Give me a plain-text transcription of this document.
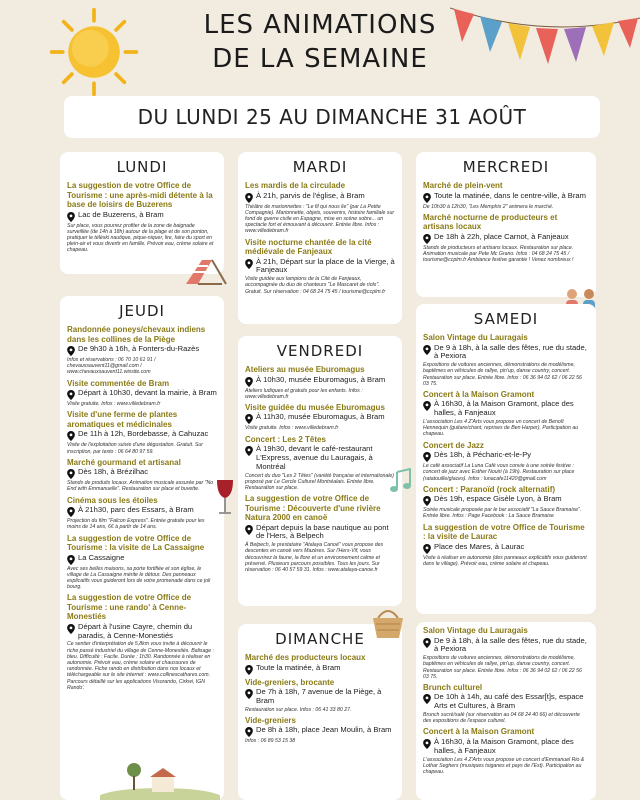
LES ANIMATIONS
DE LA SEMAINE
DU LUNDI 25 AU DIMANCHE 31 AOÛT
LUNDI
La suggestion de votre Office de Tourisme : une après-midi détente à la base de loisirs de Buzerens
Lac de Buzerens, à Bram
Sur place, vous pourrez profiter de la zone de baignade surveillée (de 14h à 18h) autour de la plage et de son ponton, pratiquer le téléski nautique, pique-niquer, lire, faire du sport en plein-air et vous divertir en famille. Prévoir eau, crème solaire et chapeau.
JEUDI
Randonnée poneys/chevaux indiens dans les collines de la Piège
De 9h30 à 16h, à Fonters-du-Razès
Infos et réservations : 06 70 10 61 91 / chevauxsauvent11@gmail.com / www.chevauxsauvent11.wixsite.com
Visite commentée de Bram
Départ à 10h30, devant la mairie, à Bram
Visite gratuite. Infos : www.villedebram.fr
Visite d'une ferme de plantes aromatiques et médicinales
De 11h à 12h, Bordebasse, à Cahuzac
Visite de l'exploitation suivie d'une dégustation. Gratuit. Sur inscription, par texto : 06 64 80 97 59.
Marché gourmand et artisanal
Dès 18h, à Brézilhac
Stands de produits locaux. Animation musicale assurée par "No End with Emmanuelle". Restauration sur place et buvette.
Cinéma sous les étoiles
À 21h30, parc des Essars, à Bram
Projection du film "Falcon Express". Entrée gratuite pour les moins de 14 ans, 6€ à partir de 14 ans.
La suggestion de votre Office de Tourisme : la visite de La Cassaigne
La Cassaigne
Avec ses belles maisons, sa porte fortifiée et son église, le village de La Cassaigne mérite le détour. Des panneaux explicatifs vous guideront lors de votre promenade dans ce joli bourg.
La suggestion de votre Office de Tourisme : une rando' à Cenne-Monestiés
Départ à l'usine Cayre, chemin du paradis, à Cenne-Monestiés
Ce sentier d'interprétation de 5,8km vous invite à découvrir le riche passé industriel du village de Cenne-Monestiés. Balisage : bleu. Difficulté : Facile. Durée : 1h30. Randonnée à réaliser en autonomie. Prévoir eau, crème solaire et chaussures de randonnée. Fiche rando en distribution dans nos locaux et téléchargeable sur le site internet : www.collinescathares.com. Parcours détaillé sur les applications Visorando, Cirkwi, IGN Rando'.
MARDI
Les mardis de la circulade
À 21h, parvis de l'église, à Bram
Théâtre de marionnettes : "Le fil qui nous lie" (par La Petite Compagnie). Marionnette, objets, souvenirs, histoire familiale sur fond de guerre civile en Espagne, mise en scène sobre... un spectacle fort et émouvant à découvrir. Entrée libre. Infos : www.villedebram.fr
Visite nocturne chantée de la cité médiévale de Fanjeaux
À 21h, Départ sur la place de la Vierge, à Fanjeaux
Visite guidée aux lampions de la Cité de Fanjeaux, accompagnée du duo de chanteurs "Le Mascaret de riols". Gratuit. Sur réservation : 04 68 24 75 45 / tourisme@ccplm.fr
VENDREDI
Ateliers au musée Eburomagus
À 10h30, musée Eburomagus, à Bram
Ateliers ludiques et gratuits pour les enfants. Infos : www.villedebram.fr
Visite guidée du musée Eburomagus
À 11h30, musée Eburomagus, à Bram
Visite gratuite. Infos : www.villedebram.fr
Concert : Les 2 Têtes
À 19h30, devant le café-restaurant L'Express, avenue du Lauragais, à Montréal
Concert du duo "Les 2 Têtes" (variété française et internationale) proposé par Le Cercle Culturel Montréalais. Entrée libre. Restauration sur place.
La suggestion de votre Office de Tourisme : Découverte d'une rivière Natura 2000 en canoë
Départ depuis la base nautique au pont de l'Hers, à Belpech
À Belpech, le prestataire "Atalaya Canoë" vous propose des descentes en canoë vers Mazères. Sur l'Hers-Vif, vous découvrirez la faune, la flore et un environnement calme et préservé. Plusieurs parcours possibles. Tous les jours. Sur réservation : 06 40 57 59 31. Infos : www.atalaya-canoe.fr
DIMANCHE
Marché des producteurs locaux
Toute la matinée, à Bram
Vide-greniers, brocante
De 7h à 18h, 7 avenue de la Piège, à Bram
Restauration sur place. Infos : 06 41 33 80 27.
Vide-greniers
De 8h à 18h, place Jean Moulin, à Bram
Infos : 06 89 53 15 38
MERCREDI
Marché de plein-vent
Toute la matinée, dans le centre-ville, à Bram
De 10h30 à 12h30, "Les Memphis 2" animera le marché.
Marché nocturne de producteurs et artisans locaux
De 18h à 22h, place Carnot, à Fanjeaux
Stands de producteurs et artisans locaux. Restauration sur place. Animation musicale par Pete Mc Grano. Infos : 04 68 24 75 45 / tourisme@ccplm.fr Ambiance festive garantie ! Venez nombreux !
SAMEDI
Salon Vintage du Lauragais
De 9 à 18h, à la salle des fêtes, rue du stade, à Pexiora
Expositions de voitures anciennes, démonstrations de modélisme, baptêmes en véhicules de rallye, pin'up, danse country, concert. Restauration sur place. Entrée libre. Infos : 06 36 94 02 62 / 06 22 56 03 75.
Concert à la Maison Gramont
À 16h30, à la Maison Gramont, place des halles, à Fanjeaux
L'association Les 4 Z'Arts vous propose un concert de Benoît Hennequin (guitare/chant, reprises de Ben Harper). Participation au chapeau.
Concert de Jazz
Dès 18h, à Pécharic-et-le-Py
Le café associatif La Luna Café vous convie à une soirée festive : concert de jazz avec Esther Nouiri (à 19h). Restauration sur place (ratatouille/glaces). Infos : lunacafe11420@gmail.com
Concert : Paranoïd (rock alternatif)
Dès 19h, espace Gisèle Lyon, à Bram
Soirée musicale proposée par le bar associatif "La Sauce Bramaise". Entrée libre. Infos : Page Facebook : La Sauce Bramaise
La suggestion de votre Office de Tourisme : la visite de Laurac
Place des Mares, à Laurac
Visite à réaliser en autonomie (des panneaux explicatifs vous guideront dans le village). Prévoir eau, crème solaire et chapeau.
Salon Vintage du Lauragais
De 9 à 18h, à la salle des fêtes, rue du stade, à Pexiora
Expositions de voitures anciennes, démonstrations de modélisme, baptêmes en véhicules de rallye, pin'up, danse country, concert. Restauration sur place. Entrée libre. Infos : 06 36 94 02 62 / 06 22 56 03 75.
Brunch culturel
De 10h à 14h, au café des Essar[t]s, espace Arts et Cultures, à Bram
Brunch sucré/salé (sur réservation au 04 68 24 40 66) et découverte des expositions de l'espace culturel.
Concert à la Maison Gramont
À 16h30, à la Maison Gramont, place des halles, à Fanjeaux
L'association Les 4 Z'Arts vous propose un concert d'Emmanuel Rio & Lothar Seghers (musiques tsiganes et pays de l'Est). Participation au chapeau.
